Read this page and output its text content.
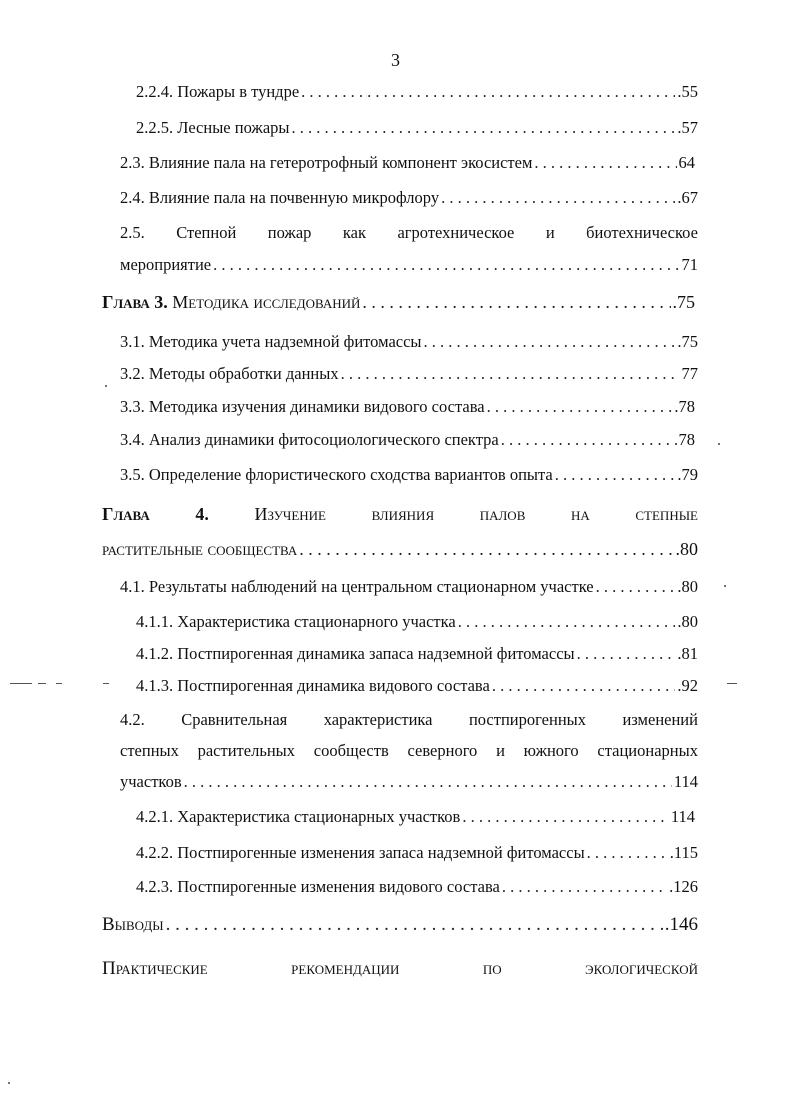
3
2.2.4. Пожары в тундре . . .	.55
2.2.5. Лесные пожары . . .	.57
2.3. Влияние пала на гетеротрофный компонент экосистем . . .	64
2.4. Влияние пала на почвенную микрофлору . . .	.67
2.5. Степной пожар как агротехническое и биотехническое
мероприятие . . .	71
Глава 3. Методика исследований . . .	.75
3.1. Методика учета надземной фитомассы . . .	.75
3.2. Методы обработки данных . . .	77
3.3. Методика изучения динамики видового состава . . .	.78
3.4. Анализ динамики фитосоциологического спектра . . .	78
3.5. Определение флористического сходства вариантов опыта . . .	.79
Глава	4.	Изучение	влияния	палов	на	степные
растительные сообщества . . .	.80
4.1. Результаты наблюдений на центральном стационарном участке . . .	.80
4.1.1. Характеристика стационарного участка . . .	.80
4.1.2. Постпирогенная динамика запаса надземной фитомассы . . .	.81
4.1.3. Постпирогенная динамика видового состава . . .	.92
4.2. Сравнительная характеристика постпирогенных изменений
степных растительных сообществ северного и южного стационарных
участков . . .	114
4.2.1. Характеристика стационарных участков . . .	114
4.2.2. Постпирогенные изменения запаса надземной фитомассы . . .	.115
4.2.3. Постпирогенные изменения видового состава . . .	.126
Выводы . . .	.146
Практические	рекомендации	по	экологической
